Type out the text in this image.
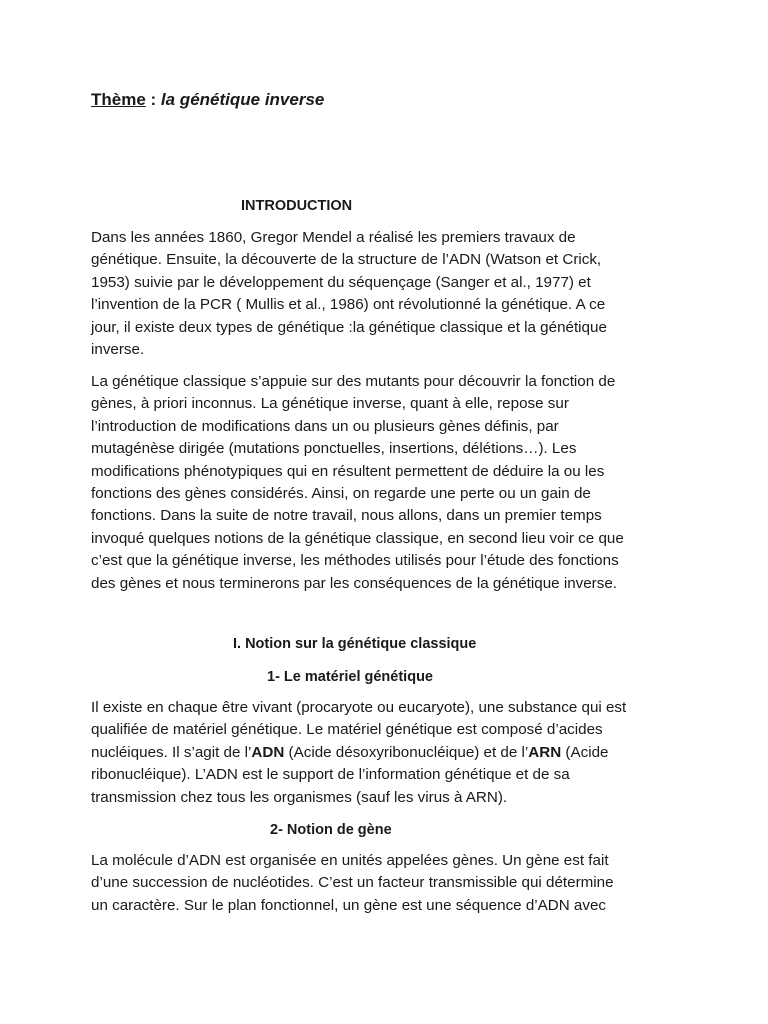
Thème : la génétique inverse
INTRODUCTION
Dans les années 1860, Gregor Mendel a réalisé les premiers travaux de
génétique. Ensuite, la découverte de la structure de l’ADN (Watson et Crick,
1953) suivie par le développement du séquençage (Sanger et al., 1977) et
l’invention de la PCR ( Mullis et al., 1986) ont révolutionné la génétique. A ce
jour, il existe deux types de génétique :la génétique classique et la génétique
inverse.
La génétique classique s’appuie sur des mutants pour découvrir la fonction de
gènes, à priori inconnus. La génétique inverse, quant à elle, repose sur
l’introduction de modifications dans un ou plusieurs gènes définis, par
mutagénèse dirigée (mutations ponctuelles, insertions, délétions…). Les
modifications phénotypiques qui en résultent permettent de déduire la ou les
fonctions des gènes considérés. Ainsi, on regarde une perte ou un gain de
fonctions. Dans la suite de notre travail, nous allons, dans un premier temps
invoqué quelques notions de la génétique classique, en second lieu voir ce que
c’est que la génétique inverse, les méthodes utilisés pour l’étude des fonctions
des gènes et nous terminerons par les conséquences de la génétique inverse.
I. Notion sur la génétique classique
1- Le matériel génétique
Il existe en chaque être vivant (procaryote ou eucaryote), une substance qui est
qualifiée de matériel génétique. Le matériel génétique est composé d’acides
nucléiques. Il s’agit de l’ADN (Acide désoxyribonucléique) et de l’ARN (Acide
ribonucléique). L’ADN est le support de l’information génétique et de sa
transmission chez tous les organismes (sauf les virus à ARN).
2- Notion de gène
La molécule d’ADN est organisée en unités appelées gènes. Un gène est fait
d’une succession de nucléotides. C’est un facteur transmissible qui détermine
un caractère. Sur le plan fonctionnel, un gène est une séquence d’ADN avec
